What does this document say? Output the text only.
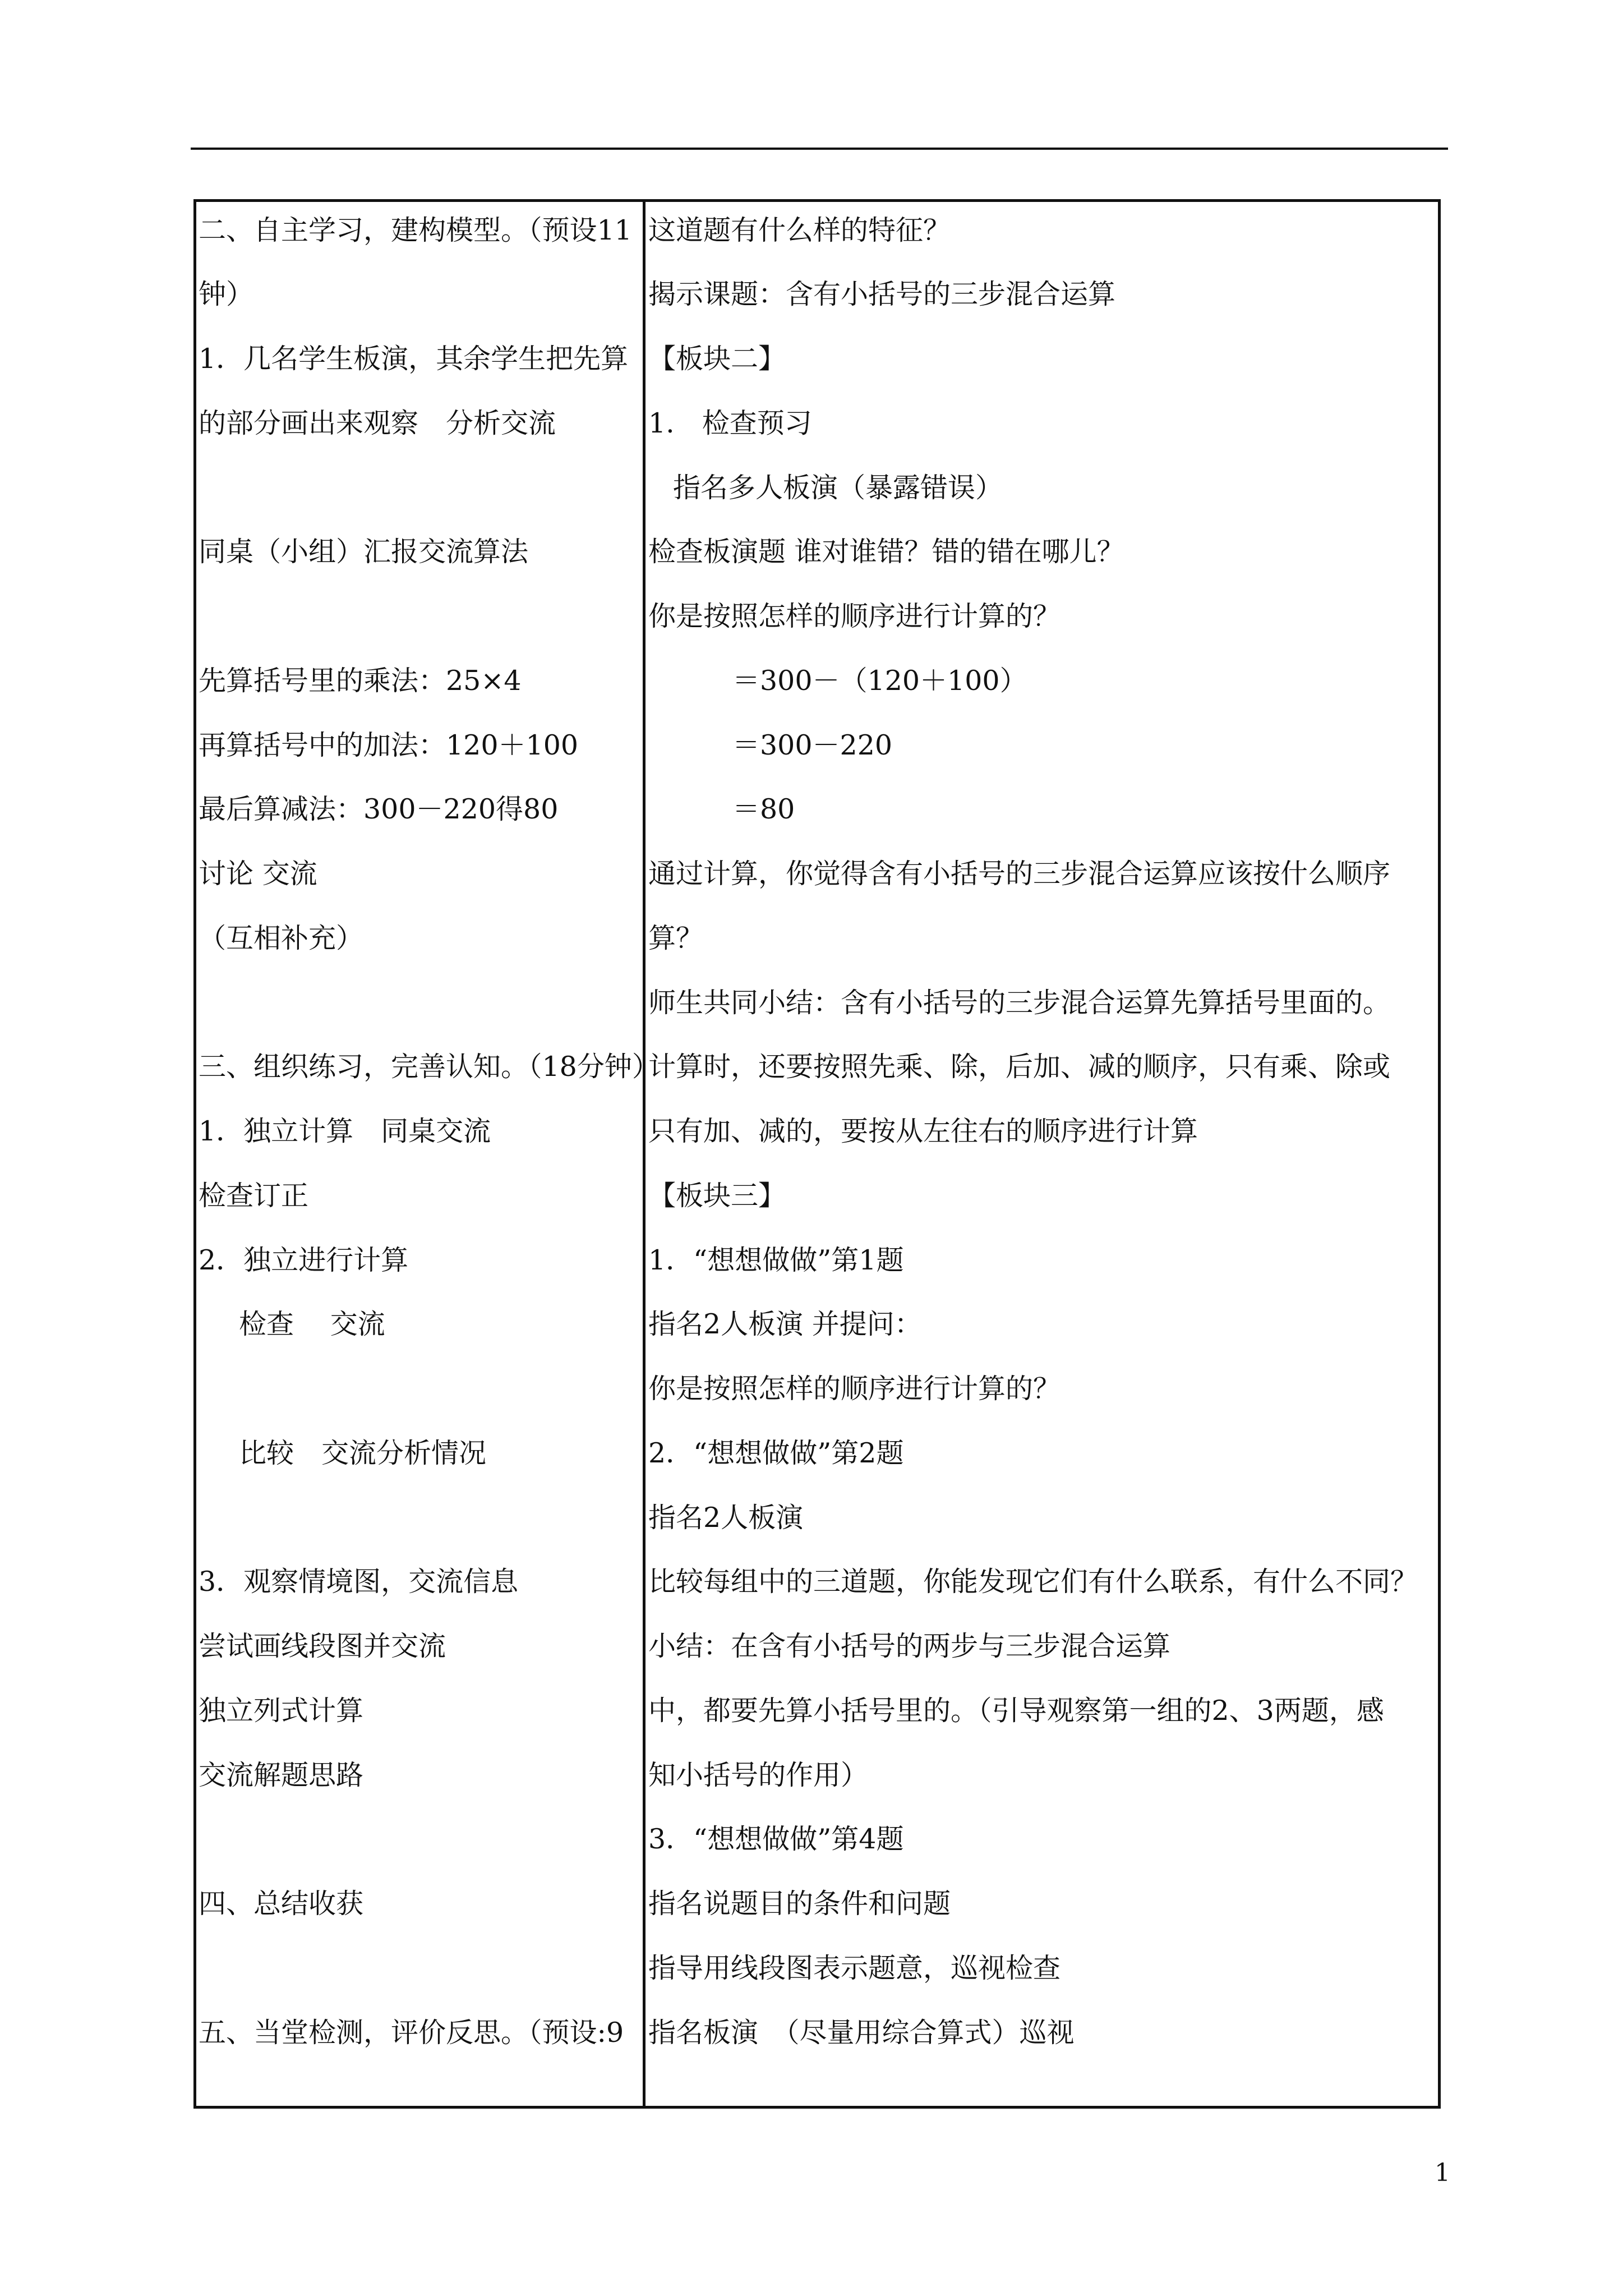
二、自主学习，建构模型。（预设11
钟）
1．几名学生板演，其余学生把先算
的部分画出来观察　分析交流
同桌（小组）汇报交流算法
先算括号里的乘法：25×4
再算括号中的加法：120＋100
最后算减法：300－220得80
讨论 交流
（互相补充）
三、组织练习，完善认知。（18分钟）
1．独立计算　同桌交流
检查订正
2．独立进行计算
检查　 交流
比较　交流分析情况
3．观察情境图，交流信息
尝试画线段图并交流
独立列式计算
交流解题思路
四、总结收获
五、当堂检测，评价反思。（预设:9
这道题有什么样的特征？
揭示课题：含有小括号的三步混合运算
【板块二】
1.　检查预习
指名多人板演（暴露错误）
检查板演题 谁对谁错？错的错在哪儿？
你是按照怎样的顺序进行计算的？
＝300－（120＋100）
＝300－220
＝80
通过计算，你觉得含有小括号的三步混合运算应该按什么顺序
算？
师生共同小结：含有小括号的三步混合运算先算括号里面的。
计算时，还要按照先乘、除，后加、减的顺序，只有乘、除或
只有加、减的，要按从左往右的顺序进行计算
【板块三】
1．“想想做做”第1题
指名2人板演 并提问：
你是按照怎样的顺序进行计算的？
2．“想想做做”第2题
指名2人板演
比较每组中的三道题，你能发现它们有什么联系，有什么不同？
小结：在含有小括号的两步与三步混合运算
中，都要先算小括号里的。（引导观察第一组的2、3两题，感
知小括号的作用）
3．“想想做做”第4题
指名说题目的条件和问题
指导用线段图表示题意，巡视检查
指名板演　（尽量用综合算式）巡视
1
